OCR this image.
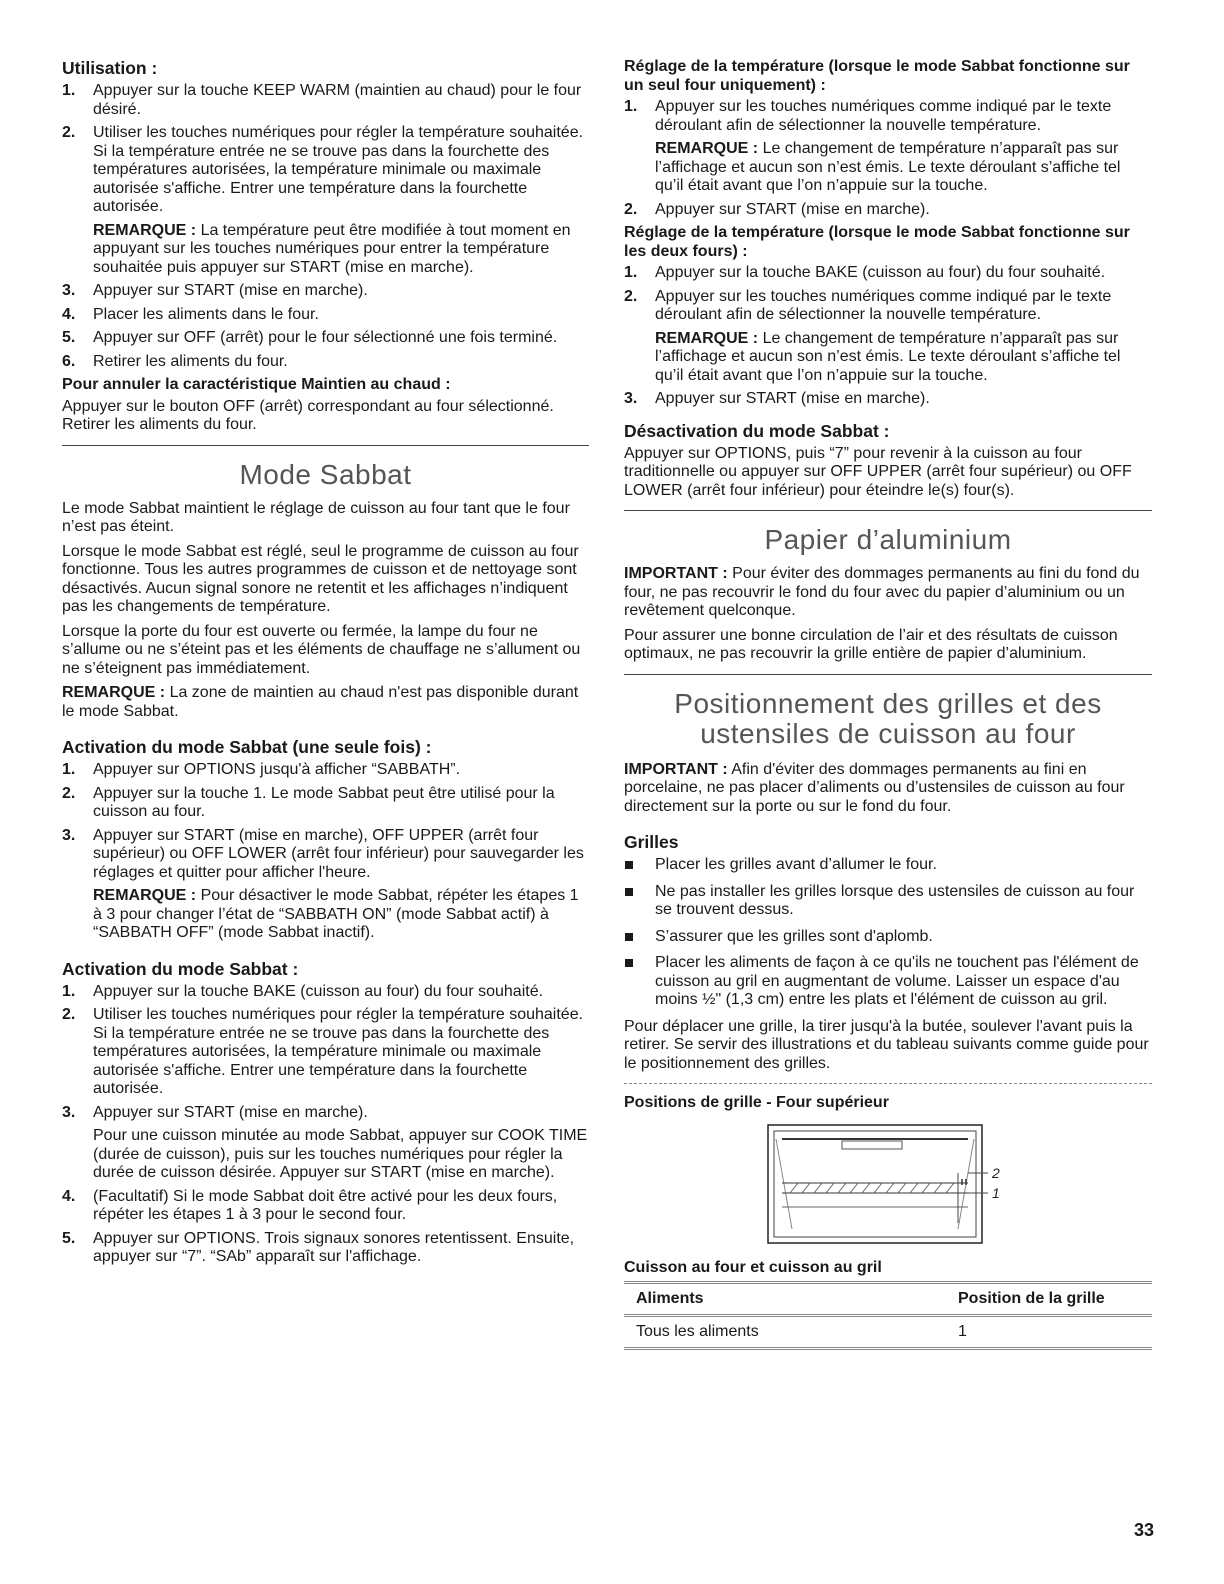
Utilisation :
1. Appuyer sur la touche KEEP WARM (maintien au chaud) pour le four désiré.

2. Utiliser les touches numériques pour régler la température souhaitée. Si la température entrée ne se trouve pas dans la fourchette des températures autorisées, la température minimale ou maximale autorisée s'affiche. Entrer une température dans la fourchette autorisée.

REMARQUE : La température peut être modifiée à tout moment en appuyant sur les touches numériques pour entrer la température souhaitée puis appuyer sur START (mise en marche).

3. Appuyer sur START (mise en marche).

4. Placer les aliments dans le four.

5. Appuyer sur OFF (arrêt) pour le four sélectionné une fois terminé.

6. Retirer les aliments du four.

Pour annuler la caractéristique Maintien au chaud :

Appuyer sur le bouton OFF (arrêt) correspondant au four sélectionné. Retirer les aliments du four.

Mode Sabbat

Le mode Sabbat maintient le réglage de cuisson au four tant que le four n’est pas éteint.

Lorsque le mode Sabbat est réglé, seul le programme de cuisson au four fonctionne. Tous les autres programmes de cuisson et de nettoyage sont désactivés. Aucun signal sonore ne retentit et les affichages n’indiquent pas les changements de température.

Lorsque la porte du four est ouverte ou fermée, la lampe du four ne s’allume ou ne s’éteint pas et les éléments de chauffage ne s’allument ou ne s’éteignent pas immédiatement.

REMARQUE : La zone de maintien au chaud n'est pas disponible durant le mode Sabbat.

Activation du mode Sabbat (une seule fois) :
1. Appuyer sur OPTIONS jusqu'à afficher “SABBATH”.

2. Appuyer sur la touche 1. Le mode Sabbat peut être utilisé pour la cuisson au four.

3. Appuyer sur START (mise en marche), OFF UPPER (arrêt four supérieur) ou OFF LOWER (arrêt four inférieur) pour sauvegarder les réglages et quitter pour afficher l'heure.

REMARQUE : Pour désactiver le mode Sabbat, répéter les étapes 1 à 3 pour changer l’état de “SABBATH ON” (mode Sabbat actif) à “SABBATH OFF” (mode Sabbat inactif).

Activation du mode Sabbat :
1. Appuyer sur la touche BAKE (cuisson au four) du four souhaité.

2. Utiliser les touches numériques pour régler la température souhaitée. Si la température entrée ne se trouve pas dans la fourchette des températures autorisées, la température minimale ou maximale autorisée s'affiche. Entrer une température dans la fourchette autorisée.

3. Appuyer sur START (mise en marche).

Pour une cuisson minutée au mode Sabbat, appuyer sur COOK TIME (durée de cuisson), puis sur les touches numériques pour régler la durée de cuisson désirée. Appuyer sur START (mise en marche).

4. (Facultatif) Si le mode Sabbat doit être activé pour les deux fours, répéter les étapes 1 à 3 pour le second four.

5. Appuyer sur OPTIONS. Trois signaux sonores retentissent. Ensuite, appuyer sur “7”. “SAb” apparaît sur l'affichage.

Réglage de la température (lorsque le mode Sabbat fonctionne sur un seul four uniquement) :
1. Appuyer sur les touches numériques comme indiqué par le texte déroulant afin de sélectionner la nouvelle température.

REMARQUE : Le changement de température n’apparaît pas sur l’affichage et aucun son n’est émis. Le texte déroulant s’affiche tel qu’il était avant que l’on n’appuie sur la touche.

2. Appuyer sur START (mise en marche).

Réglage de la température (lorsque le mode Sabbat fonctionne sur les deux fours) :
1. Appuyer sur la touche BAKE (cuisson au four) du four souhaité.

2. Appuyer sur les touches numériques comme indiqué par le texte déroulant afin de sélectionner la nouvelle température.

REMARQUE : Le changement de température n’apparaît pas sur l’affichage et aucun son n’est émis. Le texte déroulant s’affiche tel qu’il était avant que l’on n’appuie sur la touche.

3. Appuyer sur START (mise en marche).

Désactivation du mode Sabbat :

Appuyer sur OPTIONS, puis “7” pour revenir à la cuisson au four traditionnelle ou appuyer sur OFF UPPER (arrêt four supérieur) ou OFF LOWER (arrêt four inférieur) pour éteindre le(s) four(s).

Papier d’aluminium

IMPORTANT : Pour éviter des dommages permanents au fini du fond du four, ne pas recouvrir le fond du four avec du papier d’aluminium ou un revêtement quelconque.

Pour assurer une bonne circulation de l’air et des résultats de cuisson optimaux, ne pas recouvrir la grille entière de papier d’aluminium.

Positionnement des grilles et des
ustensiles de cuisson au four

IMPORTANT : Afin d'éviter des dommages permanents au fini en porcelaine, ne pas placer d’aliments ou d’ustensiles de cuisson au four directement sur la porte ou sur le fond du four.

Grilles
Placer les grilles avant d’allumer le four.
Ne pas installer les grilles lorsque des ustensiles de cuisson au four se trouvent dessus.
S’assurer que les grilles sont d'aplomb.
Placer les aliments de façon à ce qu'ils ne touchent pas l'élément de cuisson au gril en augmentant de volume. Laisser un espace d'au moins ½" (1,3 cm) entre les plats et l'élément de cuisson au gril.

Pour déplacer une grille, la tirer jusqu'à la butée, soulever l'avant puis la retirer. Se servir des illustrations et du tableau suivants comme guide pour le positionnement des grilles.

Positions de grille - Four supérieur
2
1
Cuisson au four et cuisson au gril
Aliments	Position de la grille
Tous les aliments	1
33
